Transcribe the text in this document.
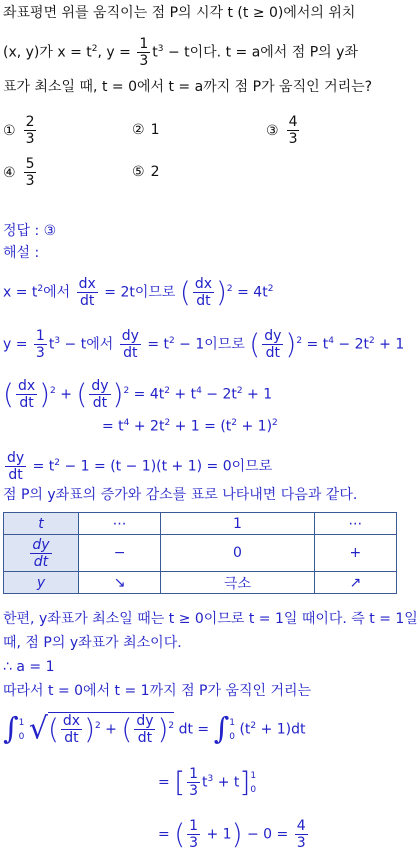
좌표평면 위를 움직이는 점 P의 시각 t (t ≥ 0)에서의 위치
(x, y)가 $x = t^2$, $y = \frac{1}{3} t^3 - t$이다. t = a에서 점 P의 y좌
표가 최소일 때, t = 0에서 t = a까지 점 P가 움직인 거리는?
① $\frac{2}{3}$	② 1	③ $\frac{4}{3}$
④ $\frac{5}{3}$	⑤ 2
정답 : ③
해설 :
$x = t^2$에서 $\frac{dx}{dt} = 2t$이므로 ( $\frac{dx}{dt} )^2 = 4t^2$
$y = \frac{1}{3} t^3 - t$에서 $\frac{dy}{dt} = t^2 - 1$이므로 ( $\frac{dy}{dt} )^2 = t^4 - 2t^2 + 1$
( $\frac{dx}{dt} )^2$ + ( $\frac{dy}{dt} )^2 = 4t^2 + t^4 - 2t^2 + 1$
= $t^4 + 2t^2 + 1 = (t^2 + 1)^2$
$\frac{dy}{dt} = t^2 - 1 = (t - 1)(t + 1) = 0$이므로
점 P의 y좌표의 증가와 감소를 표로 나타내면 다음과 같다.
t	⋯	1	⋯

$\frac{dy}{dt}$	−	0	+
y	↘	극소	↗
한편, y좌표가 최소일 때는 t ≥ 0이므로 t = 1일 때이다. 즉 t = 1일
때, 점 P의 y좌표가 최소이다.
∴ a = 1
따라서 t = 0에서 t = 1까지 점 P가 움직인 거리는
∫ 1
0 √( $\frac{dx}{dt} )^2$ + ( $\frac{dy}{dt} )^2$ dt = ∫ 1
0 $(t^2 + 1)dt$
= [ $\frac{1}{3} t^3 + t$] 1
0
= ( $\frac{1}{3} + 1) - 0 = \frac{4}{3}$
